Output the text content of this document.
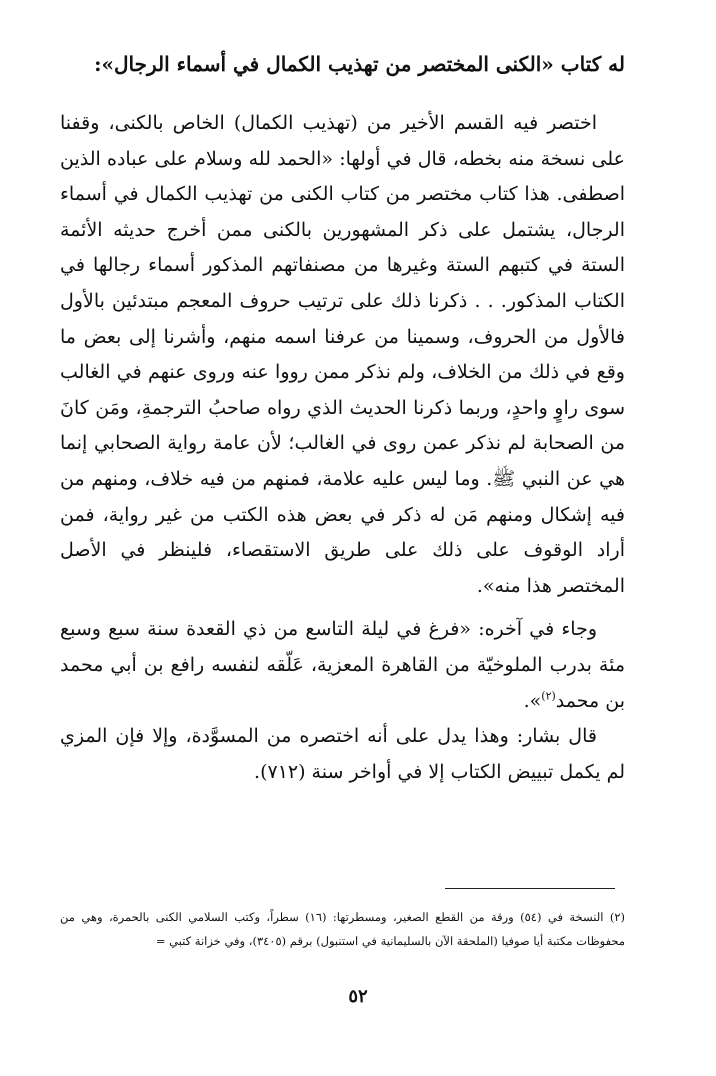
له كتاب «الكنى المختصر من تهذيب الكمال في أسماء الرجال»:

اختصر فيه القسم الأخير من (تهذيب الكمال) الخاص بالكنى، وقفنا على نسخة منه بخطه، قال في أولها: «الحمد لله وسلام على عباده الذين اصطفى. هذا كتاب مختصر من كتاب الكنى من تهذيب الكمال في أسماء الرجال، يشتمل على ذكر المشهورين بالكنى ممن أخرج حديثه الأئمة الستة في كتبهم الستة وغيرها من مصنفاتهم المذكور أسماء رجالها في الكتاب المذكور. . . ذكرنا ذلك على ترتيب حروف المعجم مبتدئين بالأول فالأول من الحروف، وسمينا من عرفنا اسمه منهم، وأشرنا إلى بعض ما وقع في ذلك من الخلاف، ولم نذكر ممن رووا عنه وروى عنهم في الغالب سوى راوٍ واحدٍ، وربما ذكرنا الحديث الذي رواه صاحبُ الترجمةِ، ومَن كانَ من الصحابة لم نذكر عمن روى في الغالب؛ لأن عامة رواية الصحابي إنما هي عن النبي ﷺ. وما ليس عليه علامة، فمنهم من فيه خلاف، ومنهم من فيه إشكال ومنهم مَن له ذكر في بعض هذه الكتب من غير رواية، فمن أراد الوقوف على ذلك على طريق الاستقصاء، فلينظر في الأصل المختصر هذا منه».

وجاء في آخره: «فرغ في ليلة التاسع من ذي القعدة سنة سبع وسبع مئة بدرب الملوخيّة من القاهرة المعزية، عَلّقه لنفسه رافع بن أبي محمد بن محمد$^{(٢)}$».

قال بشار: وهذا يدل على أنه اختصره من المسوَّدة، وإلا فإن المزي لم يكمل تبييض الكتاب إلا في أواخر سنة (٧١٢).

(٢) النسخة في (٥٤) ورقة من القطع الصغير، ومسطرتها: (١٦) سطراً، وكتب السلامي الكنى بالحمرة، وهي من محفوظات مكتبة أيا صوفيا (الملحقة الآن بالسليمانية في استنبول) برقم (٣٤٠٥)، وفي خزانة كتبي =
٥٢
